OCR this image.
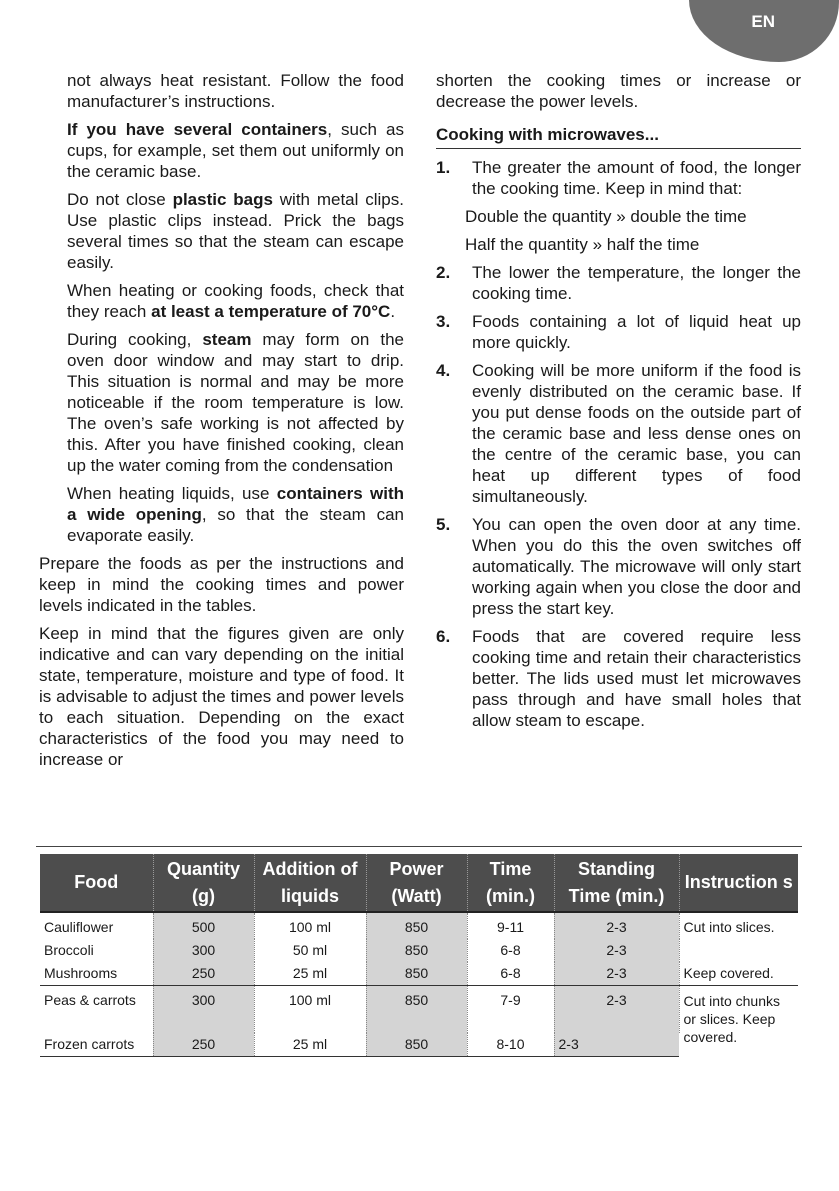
EN

not always heat resistant. Follow the food manufacturer’s instructions.

If you have several containers, such as cups, for example, set them out uniformly on the ceramic base.

Do not close plastic bags with metal clips. Use plastic clips instead. Prick the bags several times so that the steam can escape easily.

When heating or cooking foods, check that they reach at least a temperature of 70°C.

During cooking, steam may form on the oven door window and may start to drip. This situation is normal and may be more noticeable if the room temperature is low. The oven’s safe working is not affected by this. After you have finished cooking, clean up the water coming from the condensation

When heating liquids, use containers with a wide opening, so that the steam can evaporate easily.

Prepare the foods as per the instructions and keep in mind the cooking times and power levels indicated in the tables.

Keep in mind that the figures given are only indicative and can vary depending on the initial state, temperature, moisture and type of food. It is advisable to adjust the times and power levels to each situation. Depending on the exact characteristics of the food you may need to increase or

shorten the cooking times or increase or decrease the power levels.

Cooking with microwaves...
1.	The greater the amount of food, the longer the cooking time. Keep in mind that:

Double the quantity » double the time

Half the quantity » half the time

2.	The lower the temperature, the longer the cooking time.
3.	Foods containing a lot of liquid heat up more quickly.
4.	Cooking will be more uniform if the food is evenly distributed on the ceramic base. If you put dense foods on the outside part of the ceramic base and less dense ones on the centre of the ceramic base, you can heat up different types of food simultaneously.
5.	You can open the oven door at any time. When you do this the oven switches off automatically. The microwave will only start working again when you close the door and press the start key.
6.	Foods that are covered require less cooking time and retain their characteristics better. The lids used must let microwaves pass through and have small holes that allow steam to escape.
Food	Quantity (g)	Addition of liquids	Power (Watt)	Time (min.)	Standing Time (min.)	Instruction s
Cauliflower	500	100 ml	850	9-11	2-3	Cut into slices.
Broccoli	300	50 ml	850	6-8	2-3	
Mushrooms	250	25 ml	850	6-8	2-3	Keep covered.
Peas & carrots	300	100 ml	850	7-9	2-3	Cut into chunks or slices. Keep covered.
Frozen carrots	250	25 ml	850	8-10	2-3	
